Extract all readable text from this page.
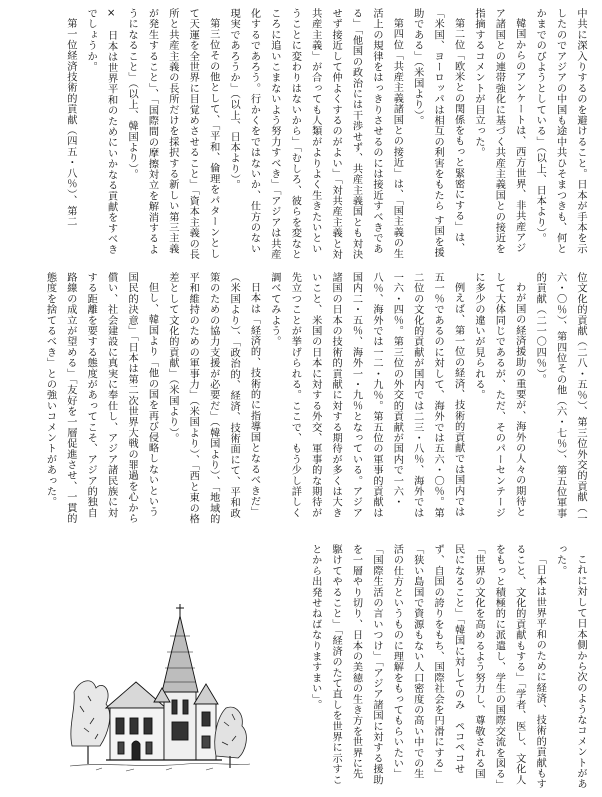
中共に深入りするのを避けること。日本が手本を示したのでアジアの中国も途中共ひそまつきも、何とかまでのびようとしている」（以上、日本より）。

韓国からのアンケートは、西方世界、非共産アジア諸国との連帯強化に基づく共産主義国との接近を指摘するコメントが目立った。

第二位「欧米との関係をもっと緊密にする」は、「米国、ヨーロッパは相互の利害をもたら す国を援助である」（米国より）。

第四位「共産主義諸国との接近」は、「国主義の生活上の規律をはっきりさせるのには接近すべきである」「他国の政治には干渉せず、共産主義国とも対決せず接近して仲よくするのがよい」「対共産主義と対共産主義」が合っても人類がよりよく生きたいということに変わりはないから」「むしろ、彼らを変なところに追いこまないよう努力すべき」「アジアは共産化するであろう。行かくをではないか、仕方のない現実であろうか」（以上、日本より）。

第三位その他として、「平和、倫理をパターンとして天運を全世界に目覚めさせること」「資本主義の長所と共産主義の長所だけを採択する新しい第三主義が発生すること」、「国際間の摩擦対立を解消するようになること」（以上、韓国より）。

×　日本は世界平和のためにいかなる貢献をすべきでしょうか。

第一位経済技術的貢献（四五・八％）、第二

位文化的貢献（二八・五％）、第三位外交的貢献（一六・〇％）、第四位その他（六・七％）、第五位軍事的貢献（二一〇四％）。

わが国の経済援助の重要が、海外の人々の期待として大体同じであるが、ただ、そのパーセンテージに多少の違いが見られる。

例えば、第一位の経済、技術的貢献では国内では五一％であるのに対して、海外では五六・〇％。第二位の文化的貢献が国内では二三・八％、海外では一六・四％。第三位の外交的貢献が国内で一六・八％、海外では一二・九％。第五位の軍事的貢献は国内二・五％、海外一・九％となっている。アジア諸国の日本の技術的貢献に対する期待が多くは大きいこと、米国の日本に対する外交、軍事的な期待が先立つことが挙げられる。ここで、もう少し詳しく調べてみよう。

日本は「経済的、技術的に指導国となるべきだ」（米国より）、「政治的、経済、技術面にて、平和政策のための協力支援が必要だ」（韓国より）、「地域的平和維持のための軍事力」（米国より）、「西と東の格差として文化的貢献」（米国より）。

但し、韓国より「他の国を再び侵略しないという国民的決意」「日本は第二次世界大戦の罪過を心から償い、社会建設に真実に奉仕し、アジア諸民族に対する距離を要する態度があってこそ、アジア的独自路線の成立が望める」「友好を一層促進させ、一貫的態度を捨てるべき」との強いコメントがあった。

これに対して日本側から次のようなコメントがあった。

「日本は世界平和のために経済、技術的貢献もすること、文化的貢献もする」「学者、医し、文化人をもっと積極的に派遣し、学生の国際交流を図る」「世界の文化を高めるよう努力し、尊敬される国民になること」「韓国に対してのみ　ペコペコせず、自国の誇りをもち、国際社会を円滑にする」「狭い島国で資源もない人口密度の高い中での生活の仕方というものに理解をもってもらいたい」「国際生活の言いつけ」「アジア諸国に対する援助を一層やり切り、日本の美徳の生き方を世界に先駆けてやること」「経済のたて直しを世界に示すことから出発せねばなりますまい」。
